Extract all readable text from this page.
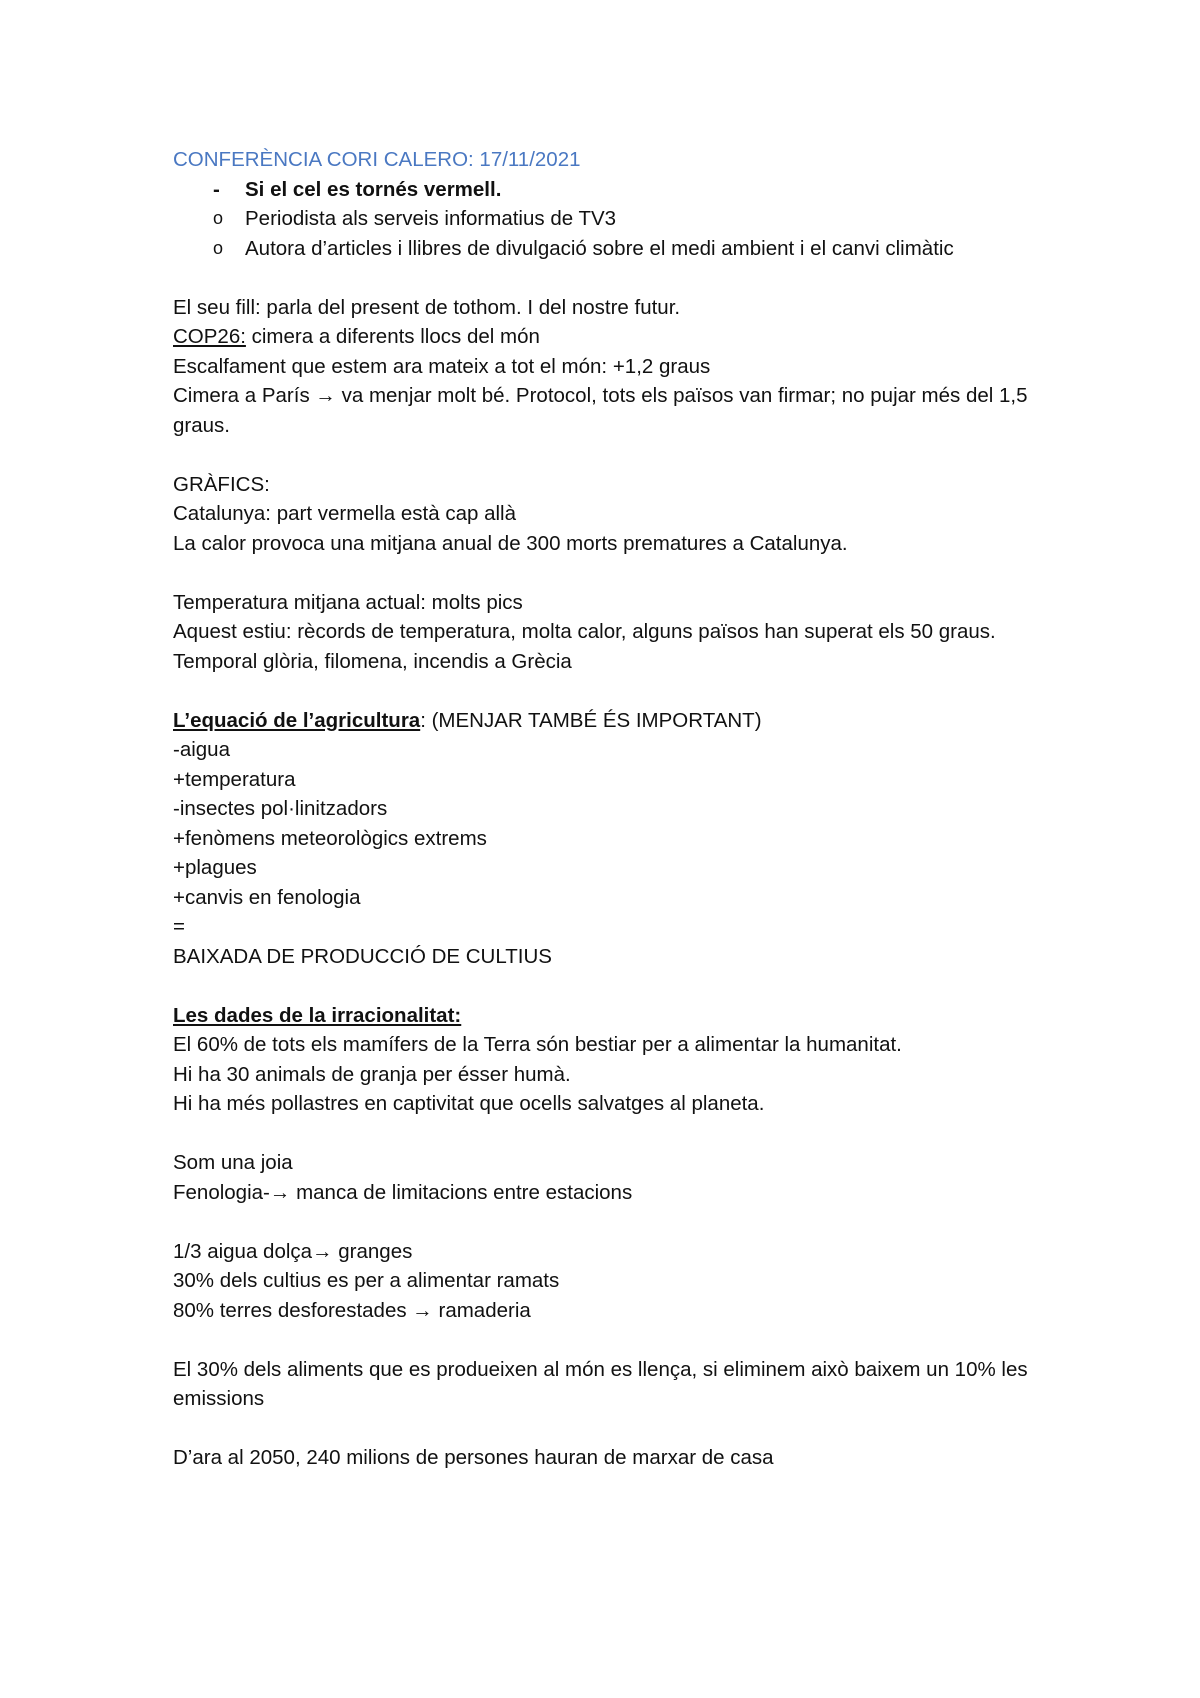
CONFERÈNCIA CORI CALERO: 17/11/2021
-	Si el cel es tornés vermell.
o	Periodista als serveis informatius de TV3
o	Autora d’articles i llibres de divulgació sobre el medi ambient i el canvi climàtic
El seu fill: parla del present de tothom. I del nostre futur.
COP26: cimera a diferents llocs del món
Escalfament que estem ara mateix a tot el món: +1,2 graus
Cimera a París → va menjar molt bé. Protocol, tots els països van firmar; no pujar més del 1,5 graus.
GRÀFICS:
Catalunya: part vermella està cap allà
La calor provoca una mitjana anual de 300 morts prematures a Catalunya.
Temperatura mitjana actual: molts pics
Aquest estiu: rècords de temperatura, molta calor, alguns països han superat els 50 graus.
Temporal glòria, filomena, incendis a Grècia
L’equació de l’agricultura: (MENJAR TAMBÉ ÉS IMPORTANT)
-aigua
+temperatura
-insectes pol·linitzadors
+fenòmens meteorològics extrems
+plagues
+canvis en fenologia
=
BAIXADA DE PRODUCCIÓ DE CULTIUS
Les dades de la irracionalitat:
El 60% de tots els mamífers de la Terra són bestiar per a alimentar la humanitat.
Hi ha 30 animals de granja per ésser humà.
Hi ha més pollastres en captivitat que ocells salvatges al planeta.
Som una joia
Fenologia-→ manca de limitacions entre estacions
1/3 aigua dolça→ granges
30% dels cultius es per a alimentar ramats
80% terres desforestades → ramaderia
El 30% dels aliments que es produeixen al món es llença, si eliminem això baixem un 10% les emissions
D’ara al 2050, 240 milions de persones hauran de marxar de casa
